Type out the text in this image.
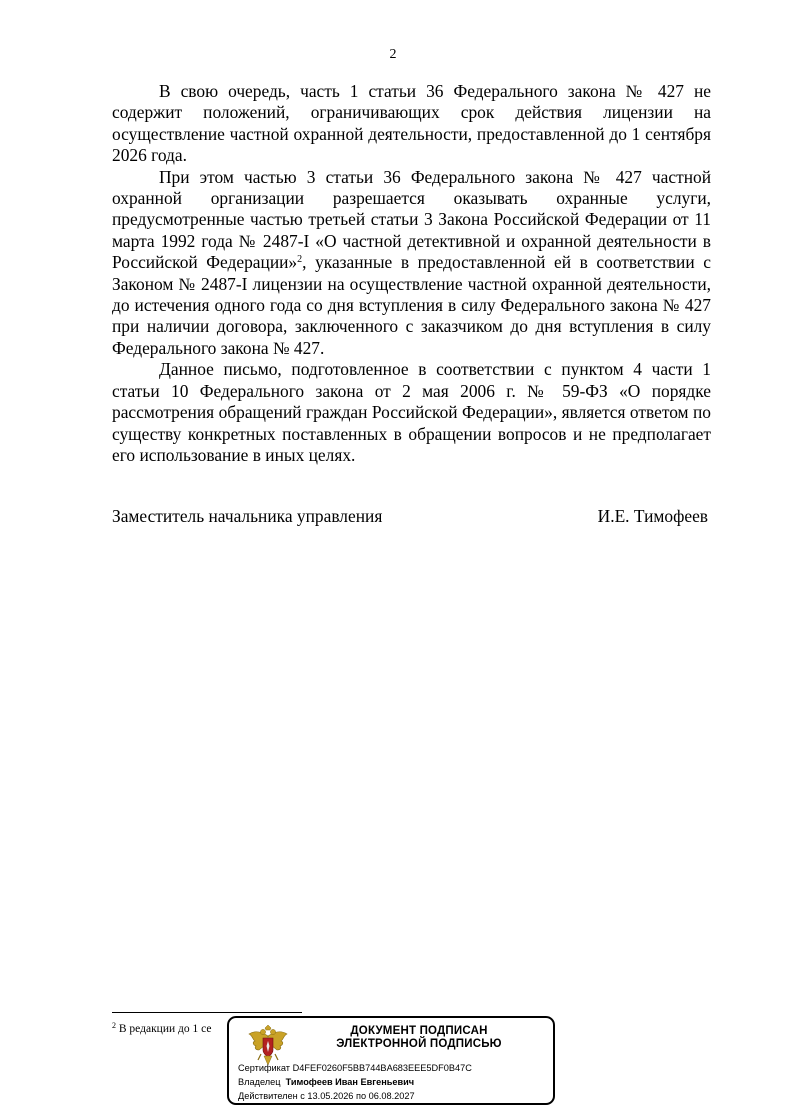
2

В свою очередь, часть 1 статьи 36 Федерального закона № 427 не содержит положений, ограничивающих срок действия лицензии на осуществление частной охранной деятельности, предоставленной до 1 сентября 2026 года.

При этом частью 3 статьи 36 Федерального закона № 427 частной охранной организации разрешается оказывать охранные услуги, предусмотренные частью третьей статьи 3 Закона Российской Федерации от 11 марта 1992 года № 2487-I «О частной детективной и охранной деятельности в Российской Федерации»$^2$, указанные в предоставленной ей в соответствии с Законом № 2487-I лицензии на осуществление частной охранной деятельности, до истечения одного года со дня вступления в силу Федерального закона № 427 при наличии договора, заключенного с заказчиком до дня вступления в силу Федерального закона № 427.

Данное письмо, подготовленное в соответствии с пунктом 4 части 1 статьи 10 Федерального закона от 2 мая 2006 г. № 59-ФЗ «О порядке рассмотрения обращений граждан Российской Федерации», является ответом по существу конкретных поставленных в обращении вопросов и не предполагает его использование в иных целях.

Заместитель начальника управления	И.Е. Тимофеев
$^2$ В редакции до 1 се	ДОКУМЕНТ ПОДПИСАН
ЭЛЕКТРОННОЙ ПОДПИСЬЮ
Сертификат D4FEF0260F5BB744BA683EEE5DF0B47C
Владелец Тимофеев Иван Евгеньевич
Действителен с 13.05.2026 по 06.08.2027
